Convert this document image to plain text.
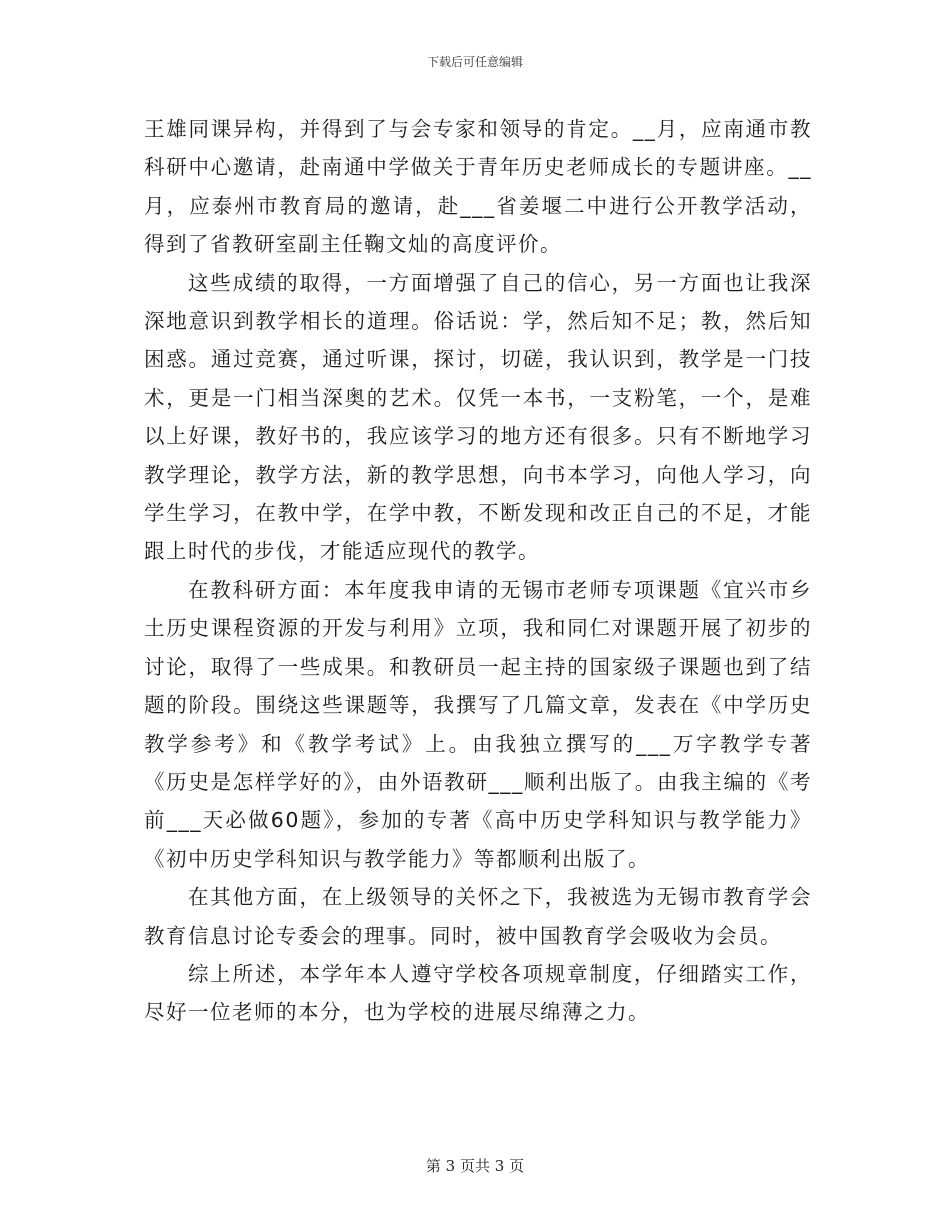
下载后可任意编辑

王雄同课异构，并得到了与会专家和领导的肯定。__月，应南通市教科研中心邀请，赴南通中学做关于青年历史老师成长的专题讲座。__月，应泰州市教育局的邀请，赴___省姜堰二中进行公开教学活动，得到了省教研室副主任鞠文灿的高度评价。

这些成绩的取得，一方面增强了自己的信心，另一方面也让我深深地意识到教学相长的道理。俗话说：学，然后知不足；教，然后知困惑。通过竞赛，通过听课，探讨，切磋，我认识到，教学是一门技术，更是一门相当深奥的艺术。仅凭一本书，一支粉笔，一个，是难以上好课，教好书的，我应该学习的地方还有很多。只有不断地学习教学理论，教学方法，新的教学思想，向书本学习，向他人学习，向学生学习，在教中学，在学中教，不断发现和改正自己的不足，才能跟上时代的步伐，才能适应现代的教学。

在教科研方面：本年度我申请的无锡市老师专项课题《宜兴市乡土历史课程资源的开发与利用》立项，我和同仁对课题开展了初步的讨论，取得了一些成果。和教研员一起主持的国家级子课题也到了结题的阶段。围绕这些课题等，我撰写了几篇文章，发表在《中学历史教学参考》和《教学考试》上。由我独立撰写的___万字教学专著《历史是怎样学好的》，由外语教研___顺利出版了。由我主编的《考前___天必做60题》，参加的专著《高中历史学科知识与教学能力》《初中历史学科知识与教学能力》等都顺利出版了。

在其他方面，在上级领导的关怀之下，我被选为无锡市教育学会教育信息讨论专委会的理事。同时，被中国教育学会吸收为会员。

综上所述，本学年本人遵守学校各项规章制度，仔细踏实工作，尽好一位老师的本分，也为学校的进展尽绵薄之力。

第 3 页共 3 页
